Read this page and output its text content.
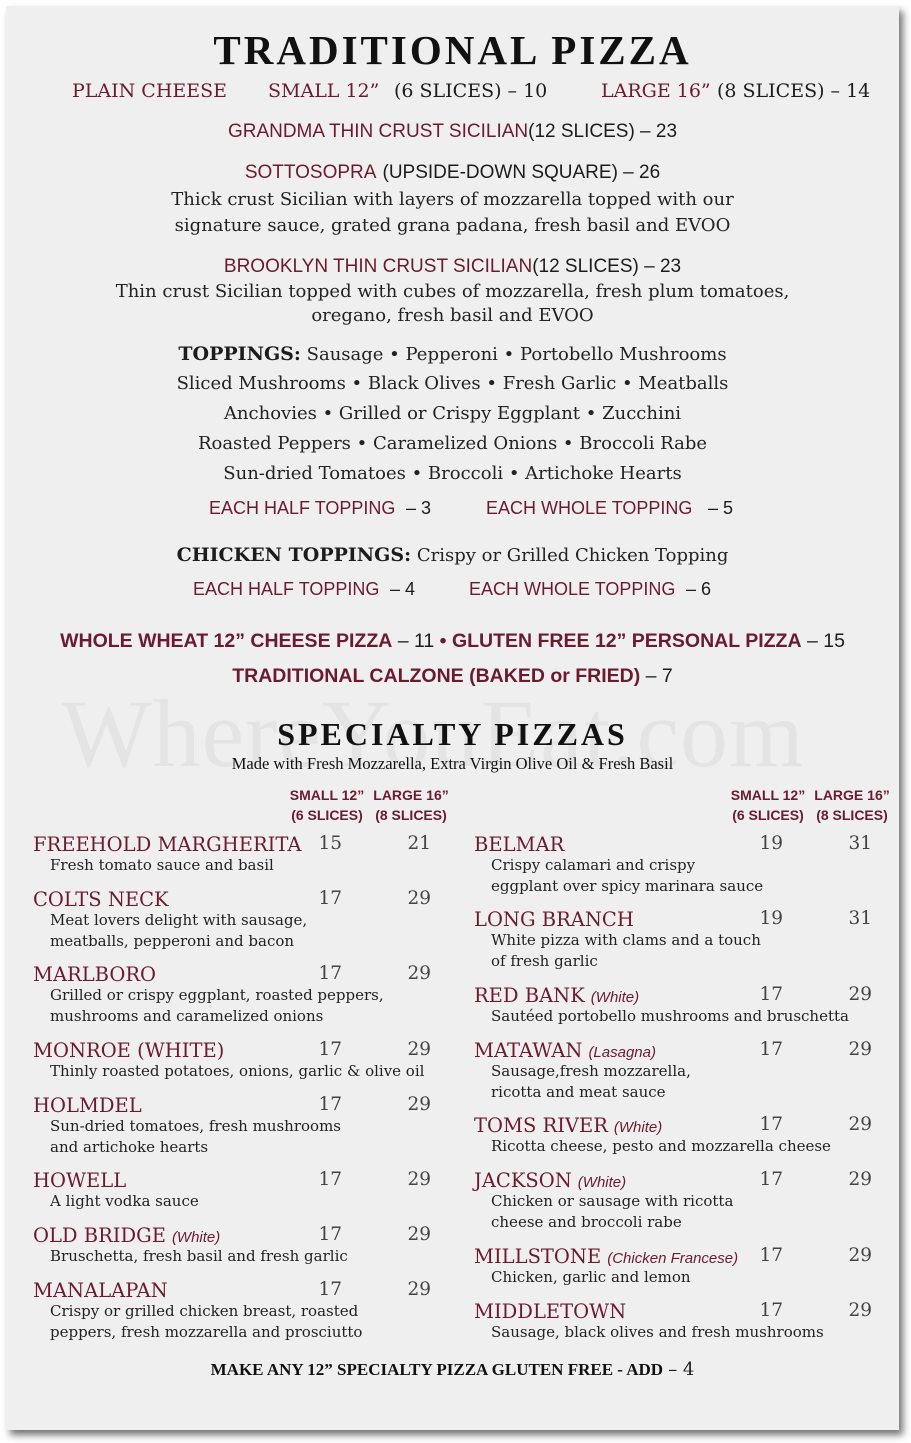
TRADITIONAL PIZZA
PLAIN CHEESE SMALL 12” (6 SLICES) – 10	LARGE 16” (8 SLICES) – 14
GRANDMA THIN CRUST SICILIAN(12 SLICES) – 23
SOTTOSOPRA (UPSIDE-DOWN SQUARE) – 26
Thick crust Sicilian with layers of mozzarella topped with our
signature sauce, grated grana padana, fresh basil and EVOO
BROOKLYN THIN CRUST SICILIAN(12 SLICES) – 23
Thin crust Sicilian topped with cubes of mozzarella, fresh plum tomatoes,
oregano, fresh basil and EVOO
TOPPINGS: Sausage • Pepperoni • Portobello Mushrooms
Sliced Mushrooms • Black Olives • Fresh Garlic • Meatballs
Anchovies • Grilled or Crispy Eggplant • Zucchini
Roasted Peppers • Caramelized Onions • Broccoli Rabe
Sun-dried Tomatoes • Broccoli • Artichoke Hearts
EACH HALF TOPPING – 3	EACH WHOLE TOPPING – 5
CHICKEN TOPPINGS: Crispy or Grilled Chicken Topping
EACH HALF TOPPING – 4	EACH WHOLE TOPPING – 6
WHOLE WHEAT 12” CHEESE PIZZA – 11 • GLUTEN FREE 12” PERSONAL PIZZA – 15
TRADITIONAL CALZONE (BAKED or FRIED) – 7
SPECIALTY PIZZAS
Made with Fresh Mozzarella, Extra Virgin Olive Oil & Fresh Basil
SMALL 12”
(6 SLICES)
LARGE 16”
(8 SLICES)
SMALL 12”
(6 SLICES)
LARGE 16”
(8 SLICES)
FREEHOLD MARGHERITA
Fresh tomato sauce and basil
15	21
COLTS NECK
Meat lovers delight with sausage,
meatballs, pepperoni and bacon
17	29
MARLBORO
Grilled or crispy eggplant, roasted peppers,
mushrooms and caramelized onions
17	29
MONROE (WHITE)
Thinly roasted potatoes, onions, garlic & olive oil
17	29
HOLMDEL
Sun-dried tomatoes, fresh mushrooms
and artichoke hearts
17	29
HOWELL
A light vodka sauce
17	29
OLD BRIDGE (White)
Bruschetta, fresh basil and fresh garlic
17	29
MANALAPAN
Crispy or grilled chicken breast, roasted
peppers, fresh mozzarella and prosciutto
17	29
BELMAR
Crispy calamari and crispy
eggplant over spicy marinara sauce
19	31
LONG BRANCH
White pizza with clams and a touch
of fresh garlic
19	31
RED BANK (White)
Sautéed portobello mushrooms and bruschetta
17	29
MATAWAN (Lasagna)
Sausage,fresh mozzarella,
ricotta and meat sauce
17	29
TOMS RIVER (White)
Ricotta cheese, pesto and mozzarella cheese
17	29
JACKSON (White)
Chicken or sausage with ricotta
cheese and broccoli rabe
17	29
MILLSTONE (Chicken Francese)
Chicken, garlic and lemon
17	29
MIDDLETOWN
Sausage, black olives and fresh mushrooms
17	29
MAKE ANY 12” SPECIALTY PIZZA GLUTEN FREE - ADD – 4
